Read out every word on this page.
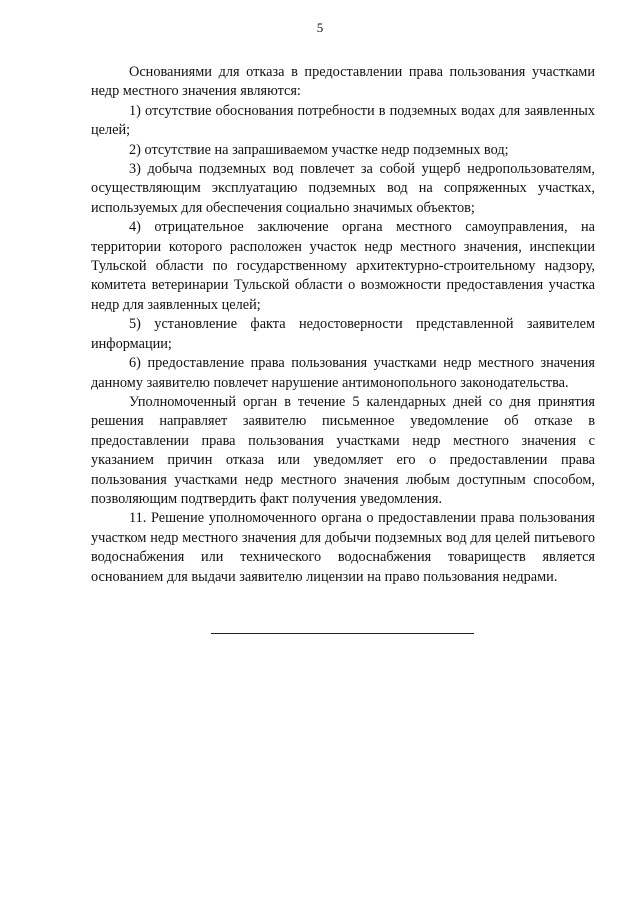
5

Основаниями для отказа в предоставлении права пользования участками недр местного значения являются:

1) отсутствие обоснования потребности в подземных водах для заявленных целей;

2) отсутствие на запрашиваемом участке недр подземных вод;

3) добыча подземных вод повлечет за собой ущерб недропользователям, осуществляющим эксплуатацию подземных вод на сопряженных участках, используемых для обеспечения социально значимых объектов;

4) отрицательное заключение органа местного самоуправления, на территории которого расположен участок недр местного значения, инспекции Тульской области по государственному архитектурно-строительному надзору, комитета ветеринарии Тульской области о возможности предоставления участка недр для заявленных целей;

5) установление факта недостоверности представленной заявителем информации;

6) предоставление права пользования участками недр местного значения данному заявителю повлечет нарушение антимонопольного законодательства.

Уполномоченный орган в течение 5 календарных дней со дня принятия решения направляет заявителю письменное уведомление об отказе в предоставлении права пользования участками недр местного значения с указанием причин отказа или уведомляет его о предоставлении права пользования участками недр местного значения любым доступным способом, позволяющим подтвердить факт получения уведомления.

11. Решение уполномоченного органа о предоставлении права пользования участком недр местного значения для добычи подземных вод для целей питьевого водоснабжения или технического водоснабжения товариществ является основанием для выдачи заявителю лицензии на право пользования недрами.
